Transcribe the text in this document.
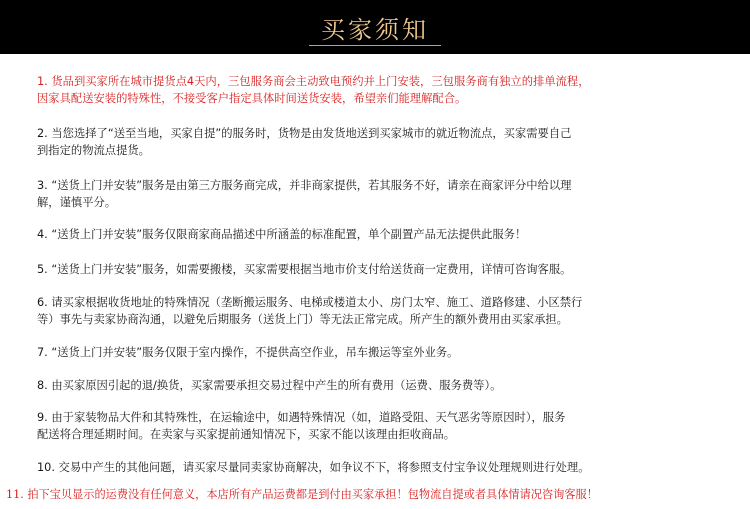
买家须知
1. 货品到买家所在城市提货点4天内，三包服务商会主动致电预约并上门安装，三包服务商有独立的排单流程，
因家具配送安装的特殊性，不接受客户指定具体时间送货安装，希望亲们能理解配合。
2. 当您选择了“送至当地，买家自提”的服务时，货物是由发货地送到买家城市的就近物流点，买家需要自己
到指定的物流点提货。
3. “送货上门并安装”服务是由第三方服务商完成，并非商家提供，若其服务不好，请亲在商家评分中给以理
解，谨慎平分。
4. “送货上门并安装”服务仅限商家商品描述中所涵盖的标准配置，单个副置产品无法提供此服务！
5. “送货上门并安装”服务，如需要搬楼，买家需要根据当地市价支付给送货商一定费用，详情可咨询客服。
6. 请买家根据收货地址的特殊情况（垄断搬运服务、电梯或楼道太小、房门太窄、施工、道路修建、小区禁行
等）事先与卖家协商沟通，以避免后期服务（送货上门）等无法正常完成。所产生的额外费用由买家承担。
7. “送货上门并安装”服务仅限于室内操作，不提供高空作业，吊车搬运等室外业务。
8. 由买家原因引起的退/换货，买家需要承担交易过程中产生的所有费用（运费、服务费等）。
9. 由于家装物品大件和其特殊性，在运输途中，如遇特殊情况（如，道路受阻、天气恶劣等原因时），服务
配送将合理延期时间。在卖家与买家提前通知情况下，买家不能以该理由拒收商品。
10. 交易中产生的其他问题，请买家尽量同卖家协商解决，如争议不下，将参照支付宝争议处理规则进行处理。
11. 拍下宝贝显示的运费没有任何意义，本店所有产品运费都是到付由买家承担！包物流自提或者具体情请况咨询客服！
